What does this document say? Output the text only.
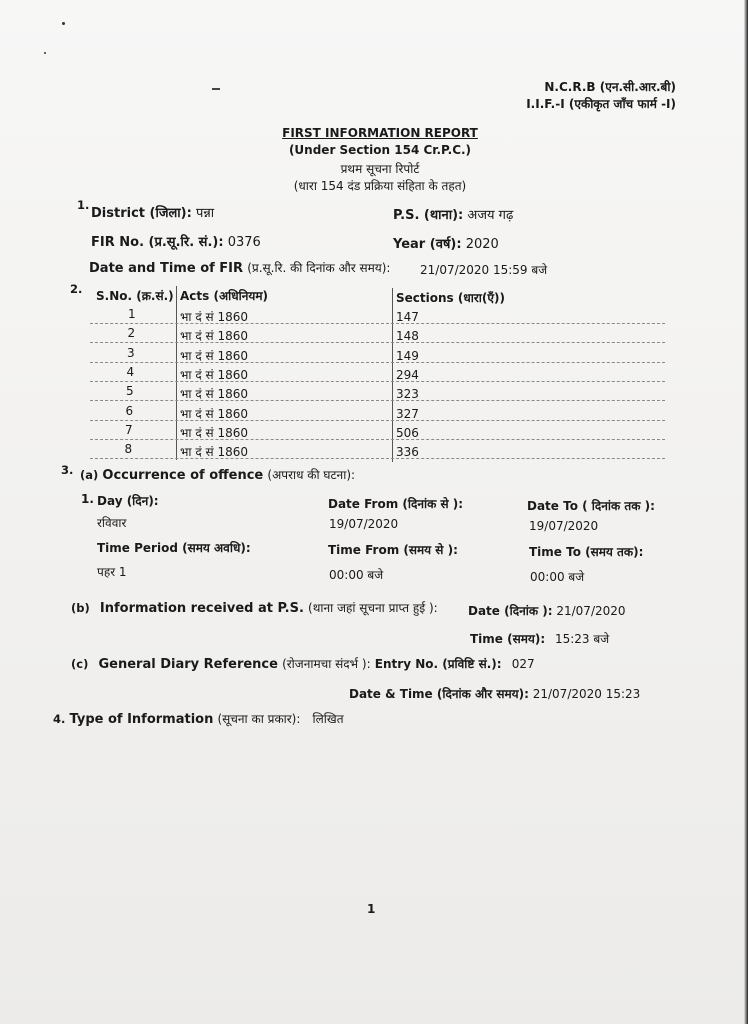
N.C.R.B (एन.सी.आर.बी)
I.I.F.-I (एकीकृत जाँच फार्म -I)
FIRST INFORMATION REPORT
(Under Section 154 Cr.P.C.)
प्रथम सूचना रिपोर्ट
(धारा 154 दंड प्रक्रिया संहिता के तहत)
1.
District (जिला): पन्ना	P.S. (थाना): अजय गढ़
FIR No. (प्र.सू.रि. सं.): 0376	Year (वर्ष): 2020
Date and Time of FIR (प्र.सू.रि. की दिनांक और समय): 21/07/2020 15:59 बजे
2. S.No. (क्र.सं.) Acts (अधिनियम)	Sections (धारा(एँ))
1	भा दं सं 1860	147
2	भा दं सं 1860	148
3	भा दं सं 1860	149
4	भा दं सं 1860	294
5	भा दं सं 1860	323
6	भा दं सं 1860	327
7	भा दं सं 1860	506
8	भा दं सं 1860	336
3. (a) Occurrence of offence (अपराध की घटना):
1. Day (दिन):	Date From (दिनांक से ):	Date To ( दिनांक तक ):
रविवार	19/07/2020	19/07/2020
Time Period (समय अवधि):	Time From (समय से ):	Time To (समय तक):
पहर 1	00:00 बजे	00:00 बजे
(b) Information received at P.S. (थाना जहां सूचना प्राप्त हुई ):	Date (दिनांक ): 21/07/2020
Time (समय): 15:23 बजे
(c) General Diary Reference (रोजनामचा संदर्भ ): Entry No. (प्रविष्टि सं.): 027
Date & Time (दिनांक और समय): 21/07/2020 15:23
4. Type of Information (सूचना का प्रकार): लिखित
1
